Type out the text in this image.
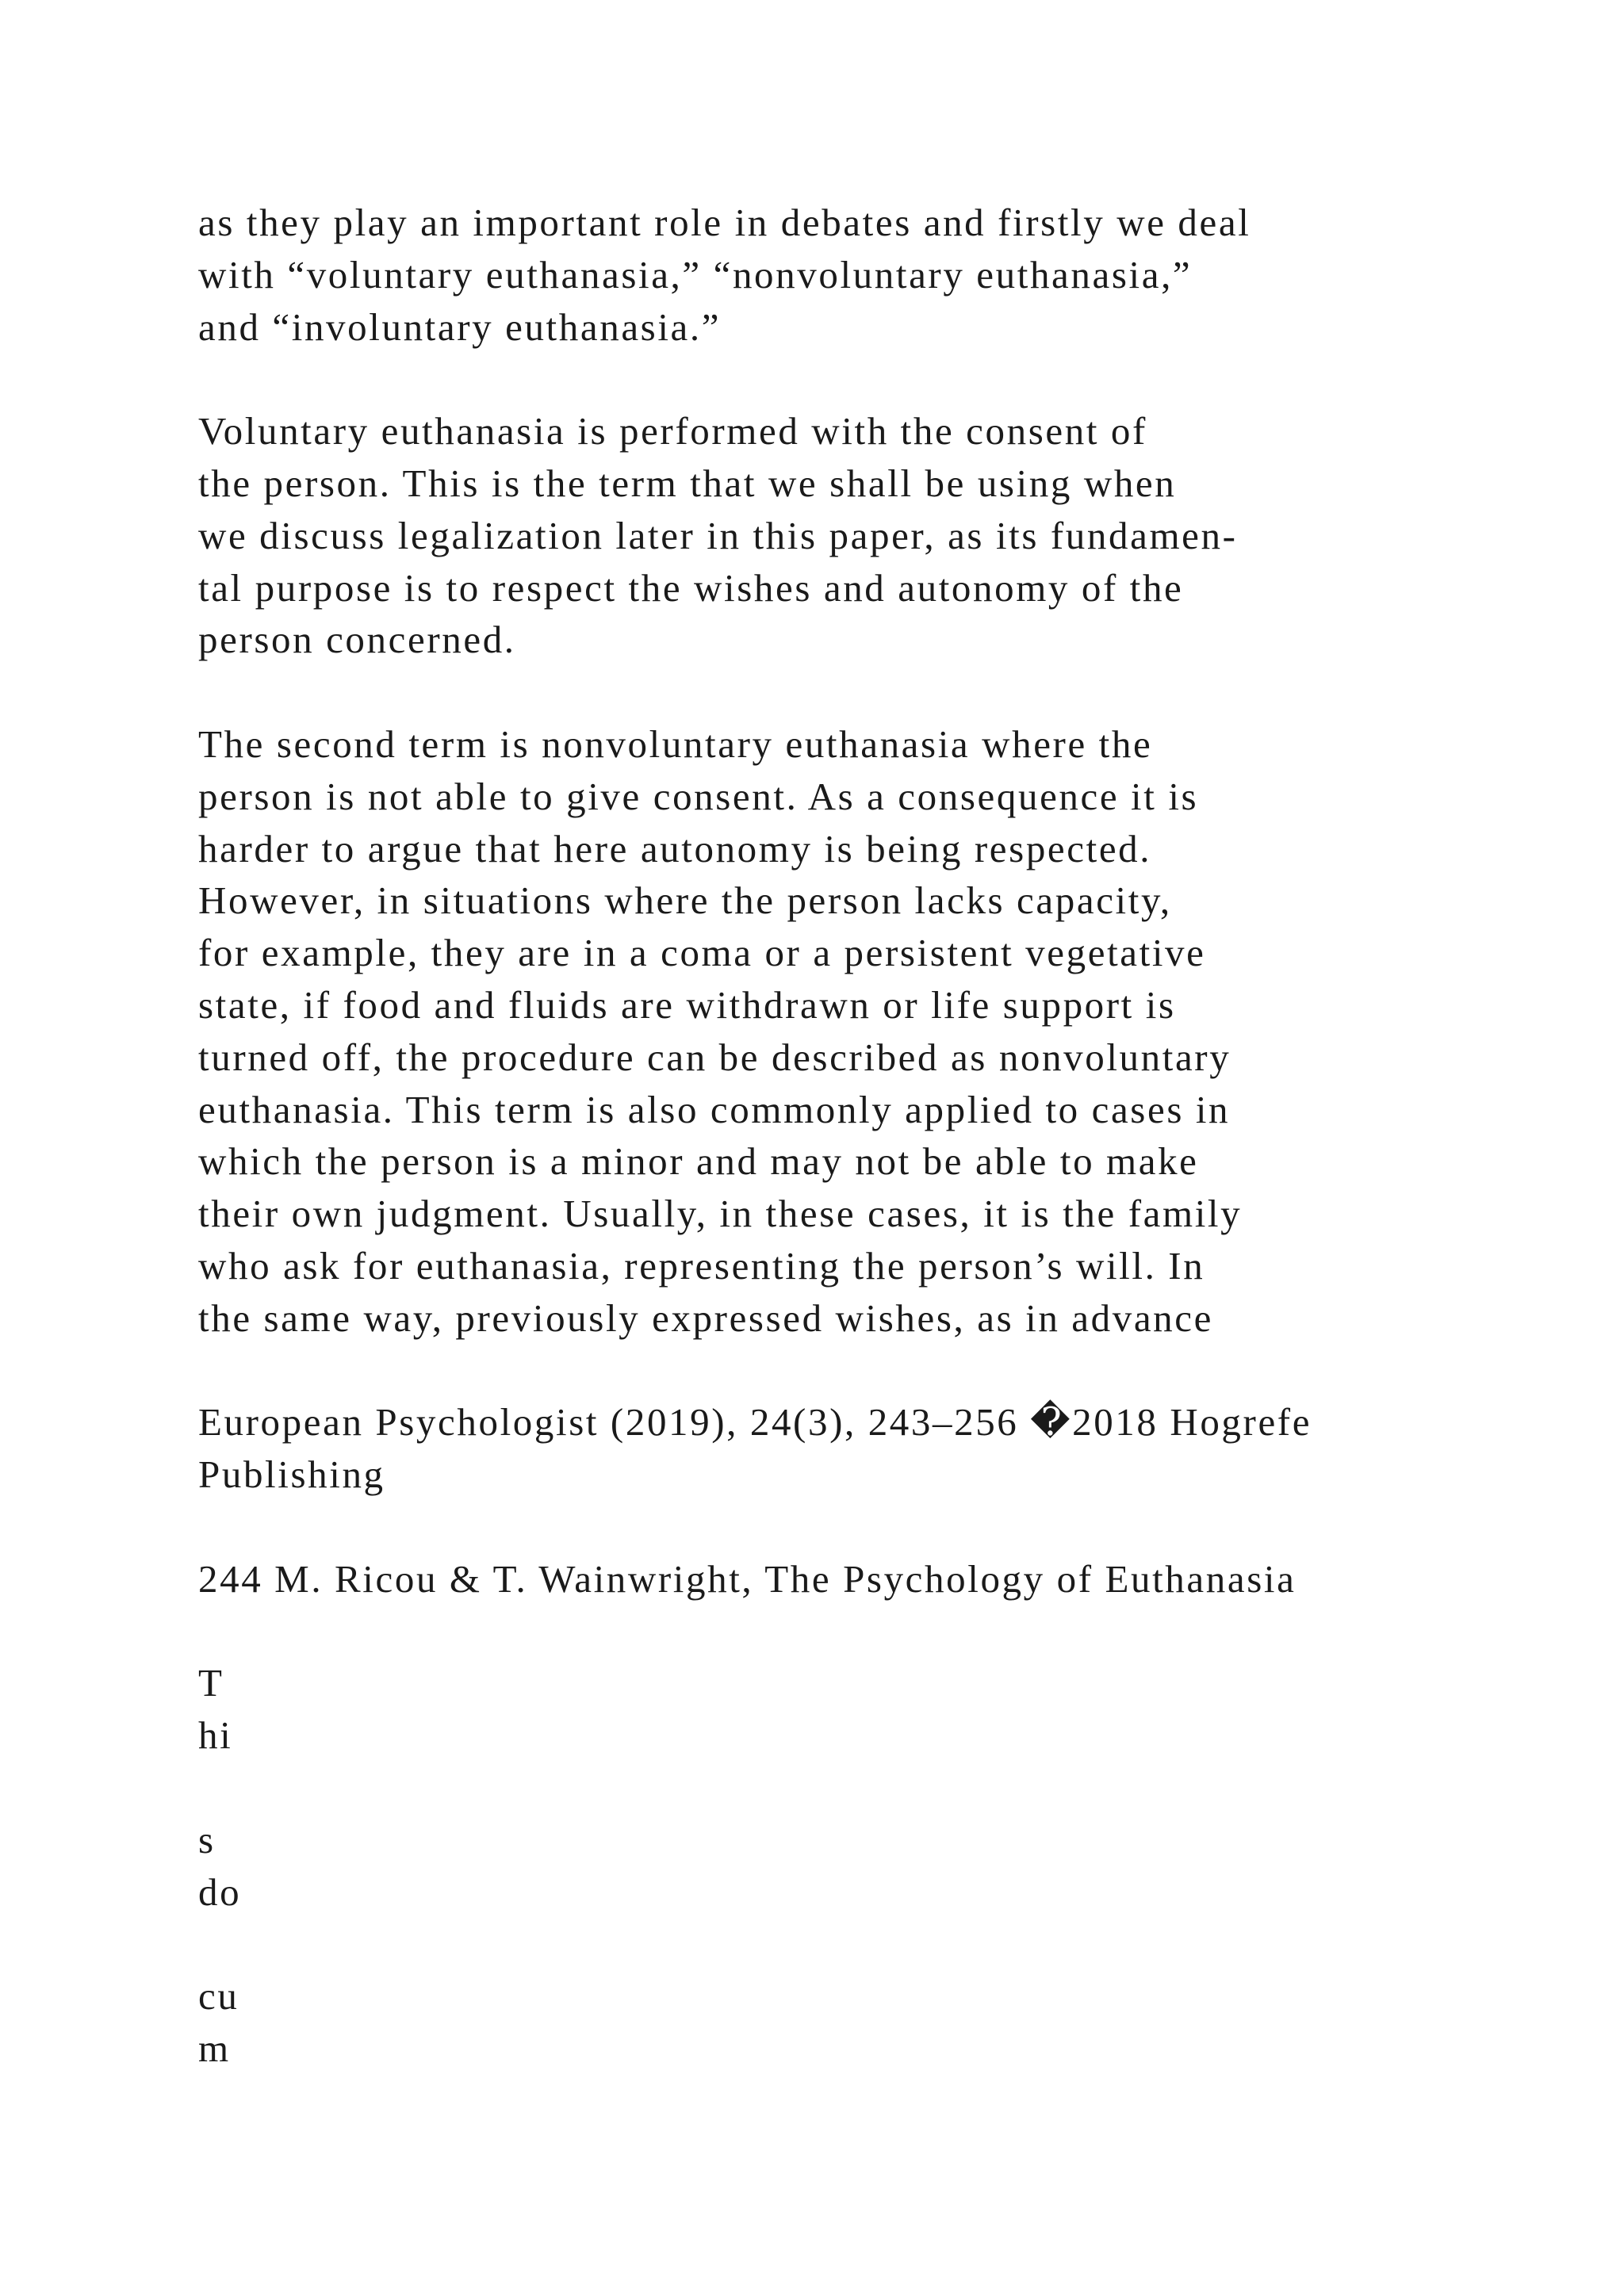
as they play an important role in debates and firstly we deal
with “voluntary euthanasia,” “nonvoluntary euthanasia,”
and “involuntary euthanasia.”
Voluntary euthanasia is performed with the consent of
the person. This is the term that we shall be using when
we discuss legalization later in this paper, as its fundamen-
tal purpose is to respect the wishes and autonomy of the
person concerned.
The second term is nonvoluntary euthanasia where the
person is not able to give consent. As a consequence it is
harder to argue that here autonomy is being respected.
However, in situations where the person lacks capacity,
for example, they are in a coma or a persistent vegetative
state, if food and fluids are withdrawn or life support is
turned off, the procedure can be described as nonvoluntary
euthanasia. This term is also commonly applied to cases in
which the person is a minor and may not be able to make
their own judgment. Usually, in these cases, it is the family
who ask for euthanasia, representing the person’s will. In
the same way, previously expressed wishes, as in advance
European Psychologist (2019), 24(3), 243–256 �2018 Hogrefe
Publishing
244 M. Ricou & T. Wainwright, The Psychology of Euthanasia
T
hi
s
do
cu
m
